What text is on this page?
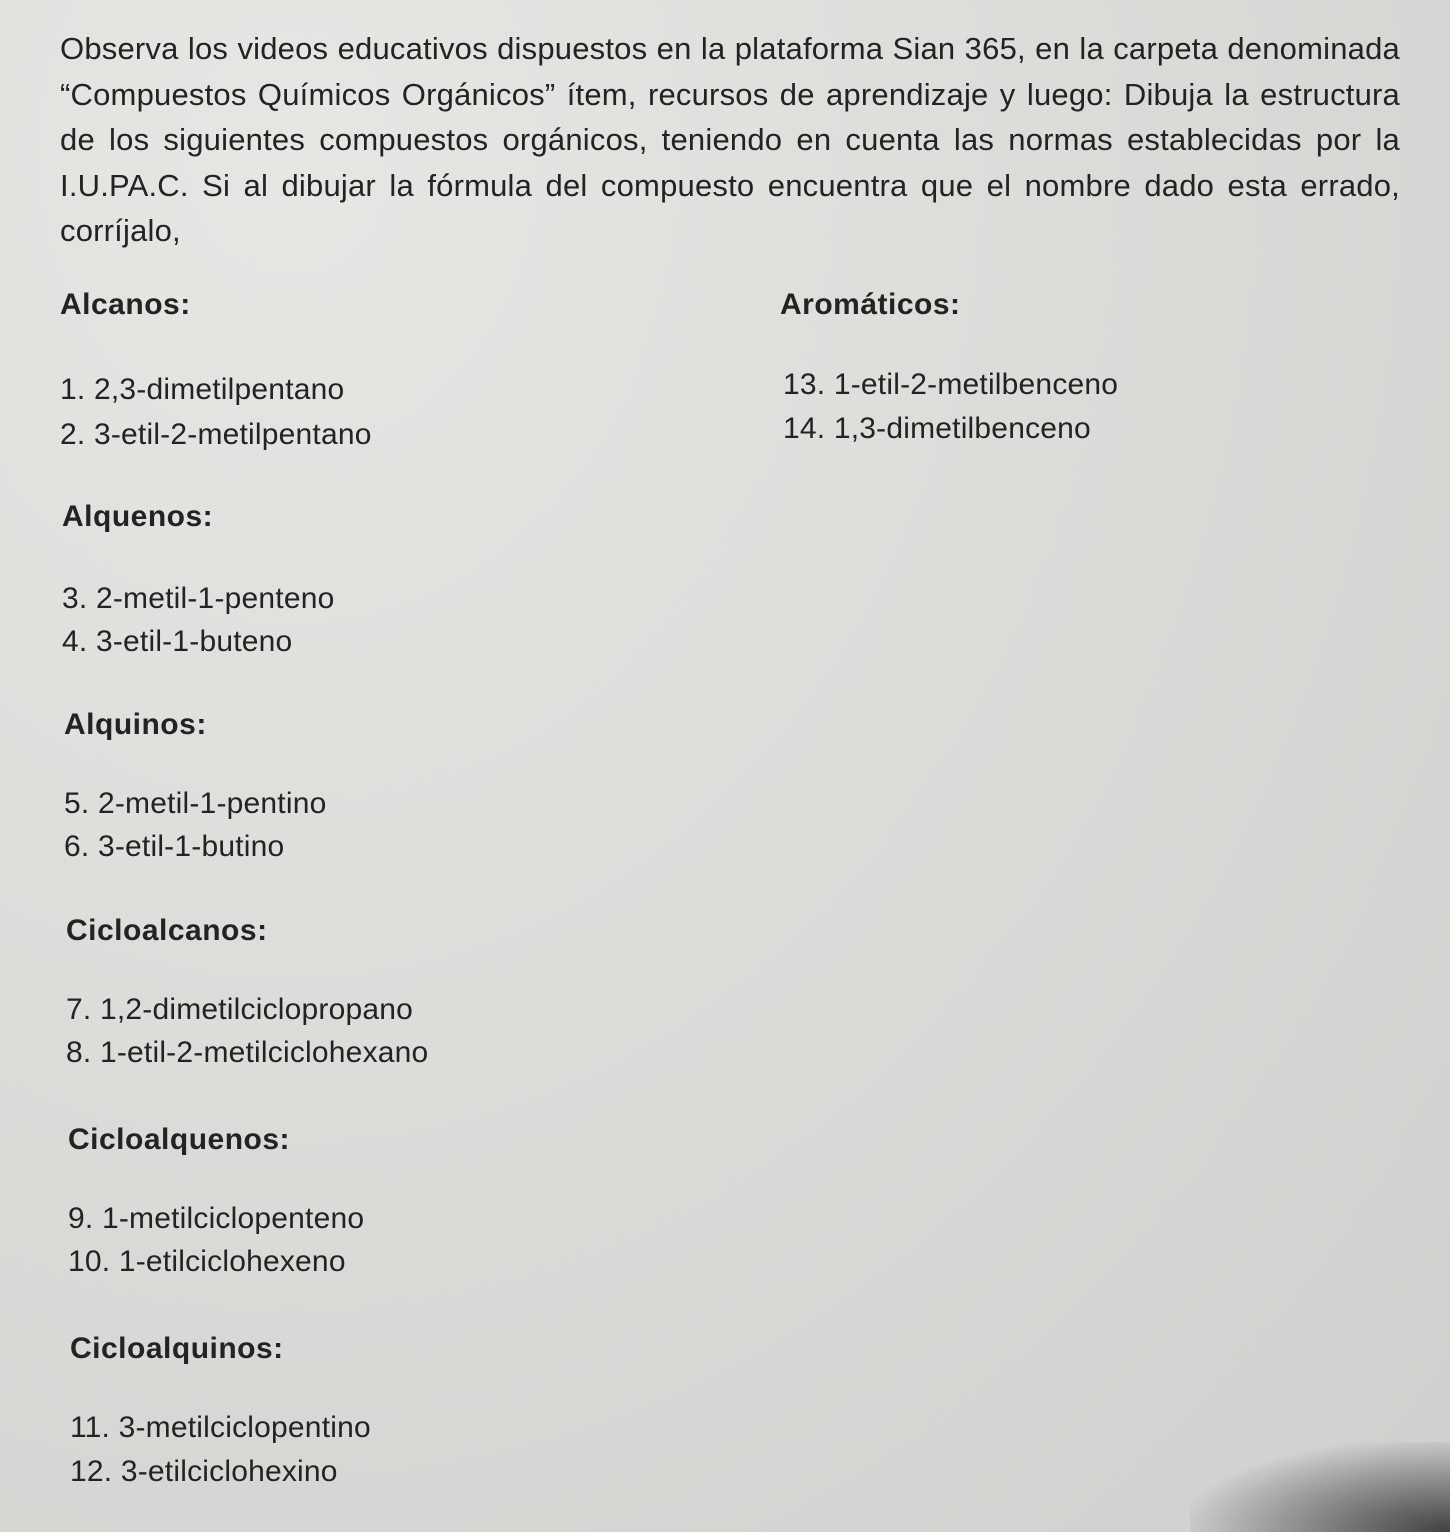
Observa los videos educativos dispuestos en la plataforma Sian 365, en la carpeta denominada “Compuestos Químicos Orgánicos” ítem, recursos de aprendizaje y luego: Dibuja la estructura de los siguientes compuestos orgánicos, teniendo en cuenta las normas establecidas por la I.U.PA.C. Si al dibujar la fórmula del compuesto encuentra que el nombre dado esta errado, corríjalo,

Alcanos:

1. 2,3-dimetilpentano

2. 3-etil-2-metilpentano

Aromáticos:

13. 1-etil-2-metilbenceno

14. 1,3-dimetilbenceno

Alquenos:

3. 2-metil-1-penteno

4. 3-etil-1-buteno

Alquinos:

5. 2-metil-1-pentino

6. 3-etil-1-butino

Cicloalcanos:

7. 1,2-dimetilciclopropano

8. 1-etil-2-metilciclohexano

Cicloalquenos:

9. 1-metilciclopenteno

10. 1-etilciclohexeno

Cicloalquinos:

11. 3-metilciclopentino

12. 3-etilciclohexino
